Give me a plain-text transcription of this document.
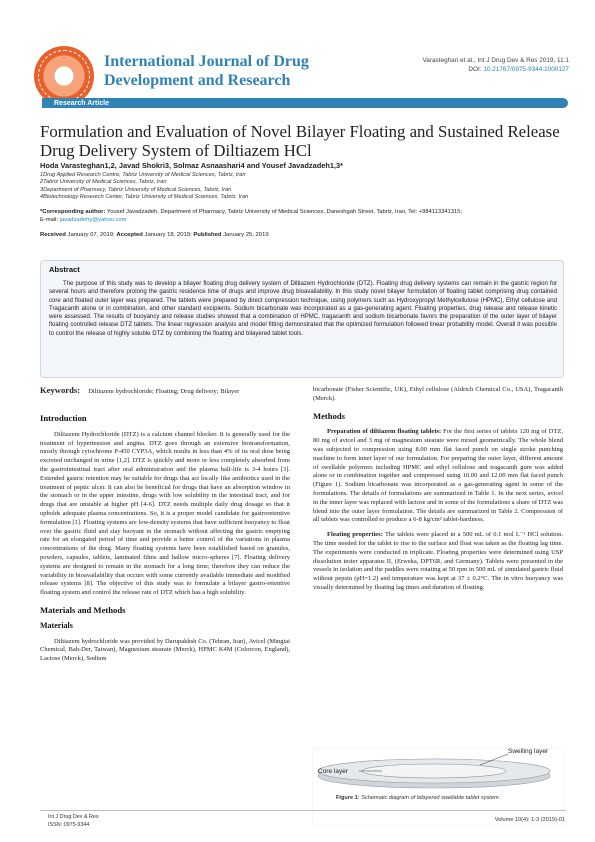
International Journal of Drug Development and Research
Varasteghan et al., Int J Drug Dev & Res 2019, 11:1
DOI: 10.21767/0975-9344.1000127
Research Article
Formulation and Evaluation of Novel Bilayer Floating and Sustained Release Drug Delivery System of Diltiazem HCl
Hoda Varasteghan1,2, Javad Shokri3, Solmaz Asnaashari4 and Yousef Javadzadeh1,3*
1Drug Applied Research Centre, Tabriz University of Medical Sciences, Tabriz, Iran
2Tabriz University of Medical Sciences, Tabriz, Iran
3Department of Pharmacy, Tabriz University of Medical Sciences, Tabriz, Iran
4Biotechnology Research Center, Tabriz University of Medical Sciences, Tabriz, Iran
*Corresponding author: Yousef Javadzadeh, Department of Pharmacy, Tabriz University of Medical Sciences, Daneshgah Street, Tabriz, Iran, Tel: +984113341315;
E-mail: javadzadehy@yahoo.com
Received January 07, 2019; Accepted January 18, 2019; Published January 25, 2019
Abstract
The purpose of this study was to develop a bilayer floating drug delivery system of Diltiazem Hydrochloride (DTZ). Floating drug delivery systems can remain in the gastric region for several hours and therefore prolong the gastric residence time of drugs and improve drug bioavailability. In this study novel bilayer formulation of floating tablet comprising drug contained core and floated outer layer was prepared. The tablets were prepared by direct compression technique, using polymers such as Hydroxypropyl Methylcellulose (HPMC), Ethyl cellulose and Tragacanth alone or in combination, and other standard excipients. Sodium bicarbonate was incorporated as a gas-generating agent. Floating properties, drug release and release kinetic were assessed. The results of buoyancy and release studies showed that a combination of HPMC, tragacanth and sodium bicarbonate favors the preparation of the outer layer of bilayer floating controlled release DTZ tablets. The linear regression analysis and model fitting demonstrated that the optimized formulation followed linear probability model. Overall it was possible to control the release of highly soluble DTZ by combining the floating and bilayered tablet tools.
Keywords: Diltiazem hydrochloride; Floating; Drug delivery; Bilayer
Introduction

Diltiazem Hydrochloride (DTZ) is a calcium channel blocker. It is generally used for the treatment of hypertension and angina. DTZ goes through an extensive biotransformation, mostly through cytochrome P-450 CYP3A, which results in less than 4% of its oral dose being excreted unchanged in urine [1,2]. DTZ is quickly and more or less completely absorbed from the gastrointestinal tract after oral administration and the plasma half-life is 3-4 hours [3]. Extended gastric retention may be suitable for drugs that act locally like antibiotics used in the treatment of peptic ulcer. It can also be beneficial for drugs that have an absorption window in the stomach or in the upper intestine, drugs with low solubility in the intestinal tract, and for drugs that are unstable at higher pH [4-6]. DTZ needs multiple daily drug dosage so that it upholds adequate plasma concentrations. So, it is a proper model candidate for gastroretentive formulation [1]. Floating systems are low-density systems that have sufficient buoyancy to float over the gastric fluid and stay buoyant in the stomach without affecting the gastric emptying rate for an elongated period of time and provide a better control of the variations in plasma concentrations of the drug. Many floating systems have been established based on granules, powders, capsules, tablets, laminated films and hallow micro-spheres [7]. Floating delivery systems are designed to remain in the stomach for a long time; therefore they can reduce the variability in bioavailability that occurs with some currently available immediate and modified release systems [8]. The objective of this study was to formulate a bilayer gastro-retentive floating system and control the release rate of DTZ which has a high solubility.

Materials and Methods
Materials

Diltiazem hydrochloride was provided by Darupakhsh Co. (Tehran, Iran), Avicel (Mingtai Chemical, Bah-Der, Taiwan), Magnesium stearate (Merck), HPMC K4M (Colorcon, England), Lactose (Merck), Sodium

bicarbonate (Fisher Scientific, UK), Ethyl cellulose (Aldrich Chemical Co., USA), Tragacanth (Merck).

Methods

Preparation of diltiazem floating tablets: For the first series of tablets 120 mg of DTZ, 80 mg of avicel and 3 mg of magnesium stearate were mixed geometrically. The whole blend was subjected to compression using 8.00 mm flat faced punch on single stroke punching machine to form inner layer of our formulation. For preparing the outer layer, different amount of swellable polymers including HPMC and ethyl cellulose and tragacanth gum was added alone or in combination together and compressed using 10.00 and 12.00 mm flat faced punch (Figure 1). Sodium bicarbonate was incorporated as a gas-generating agent in some of the formulations. The details of formulations are summarized in Table 1. In the next series, avicel in the inner layer was replaced with lactose and in some of the formulations a share of DTZ was blend into the outer layer formulation. The details are summarized in Table 2. Compression of all tablets was controlled to produce a 6-8 kg/cm² tablet-hardness.

Floating properties: The tablets were placed in a 500 mL of 0.1 mol L⁻¹ HCl solution. The time needed for the tablet to rise to the surface and float was taken as the floating lag time. The experiments were conducted in triplicate. Floating properties were determined using USP dissolution tester apparatus II, (Erweka, DPT6R, and Germany). Tablets were presented in the vessels in isolation and the paddles were rotating at 50 rpm in 500 mL of simulated gastric fluid without pepsin (pH=1.2) and temperature was kept at 37 ± 0.2°C. The in vitro buoyancy was visually determined by floating lag times and duration of floating.

Swelling layer
Core layer
Figure 1: Schematic diagram of bilayered swellable tablet system.
Int J Drug Dev & Res
ISSN: 0975-9344
Volume 10(4): 1-3 (2019)-01
